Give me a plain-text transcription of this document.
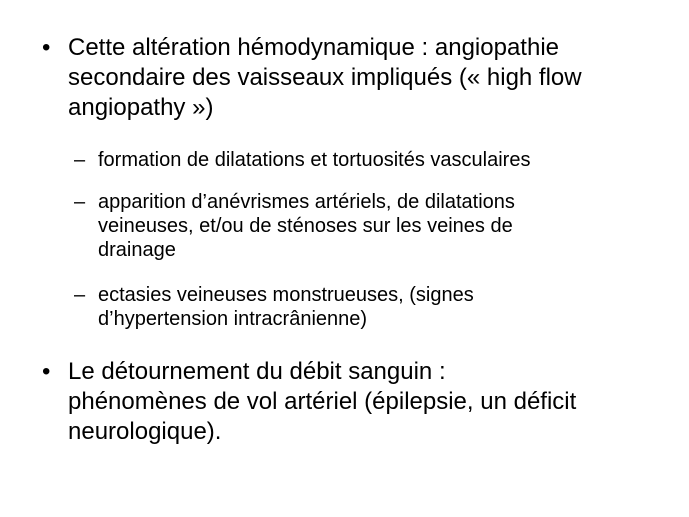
• Cette altération hémodynamique : angiopathie
secondaire des vaisseaux impliqués (« high flow
angiopathy »)
– formation de dilatations et tortuosités vasculaires
– apparition d’anévrismes artériels, de dilatations
veineuses, et/ou de sténoses sur les veines de
drainage
– ectasies veineuses monstrueuses, (signes
d’hypertension intracrânienne)
• Le détournement du débit sanguin :
phénomènes de vol artériel (épilepsie, un déficit
neurologique).
